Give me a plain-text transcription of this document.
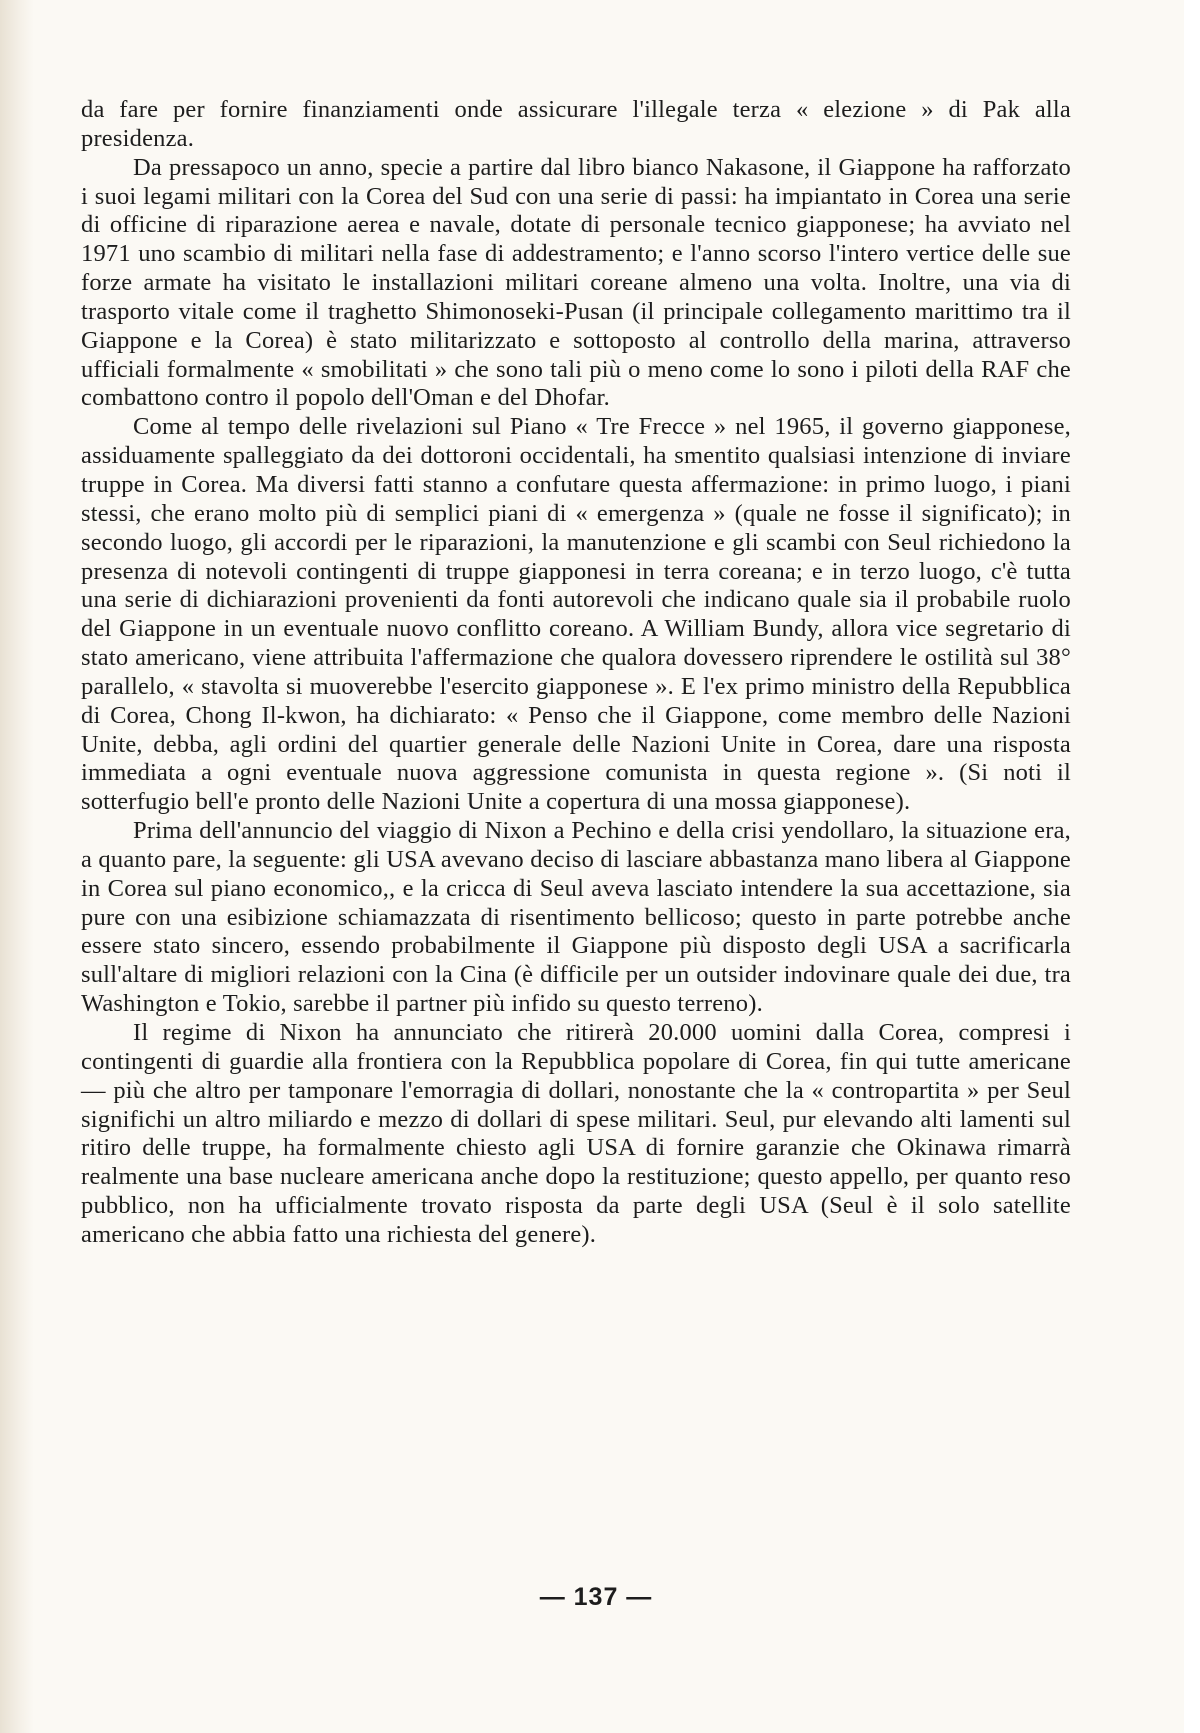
da fare per fornire finanziamenti onde assicurare l'illegale terza « elezione » di Pak alla presidenza.

Da pressapoco un anno, specie a partire dal libro bianco Nakasone, il Giappone ha rafforzato i suoi legami militari con la Corea del Sud con una serie di passi: ha impiantato in Corea una serie di officine di riparazione aerea e navale, dotate di personale tecnico giapponese; ha avviato nel 1971 uno scambio di militari nella fase di addestramento; e l'anno scorso l'intero vertice delle sue forze armate ha visitato le installazioni militari coreane almeno una volta. Inoltre, una via di trasporto vitale come il traghetto Shimonoseki-Pusan (il principale collegamento marittimo tra il Giappone e la Corea) è stato militarizzato e sottoposto al controllo della marina, attraverso ufficiali formalmente « smobilitati » che sono tali più o meno come lo sono i piloti della RAF che combattono contro il popolo dell'Oman e del Dhofar.

Come al tempo delle rivelazioni sul Piano « Tre Frecce » nel 1965, il governo giapponese, assiduamente spalleggiato da dei dottoroni occidentali, ha smentito qualsiasi intenzione di inviare truppe in Corea. Ma diversi fatti stanno a confutare questa affermazione: in primo luogo, i piani stessi, che erano molto più di semplici piani di « emergenza » (quale ne fosse il significato); in secondo luogo, gli accordi per le riparazioni, la manutenzione e gli scambi con Seul richiedono la presenza di notevoli contingenti di truppe giapponesi in terra coreana; e in terzo luogo, c'è tutta una serie di dichiarazioni provenienti da fonti autorevoli che indicano quale sia il probabile ruolo del Giappone in un eventuale nuovo conflitto coreano. A William Bundy, allora vice segretario di stato americano, viene attribuita l'affermazione che qualora dovessero riprendere le ostilità sul 38° parallelo, « stavolta si muoverebbe l'esercito giapponese ». E l'ex primo ministro della Repubblica di Corea, Chong Il-kwon, ha dichiarato: « Penso che il Giappone, come membro delle Nazioni Unite, debba, agli ordini del quartier generale delle Nazioni Unite in Corea, dare una risposta immediata a ogni eventuale nuova aggressione comunista in questa regione ». (Si noti il sotterfugio bell'e pronto delle Nazioni Unite a copertura di una mossa giapponese).

Prima dell'annuncio del viaggio di Nixon a Pechino e della crisi yendollaro, la situazione era, a quanto pare, la seguente: gli USA avevano deciso di lasciare abbastanza mano libera al Giappone in Corea sul piano economico,, e la cricca di Seul aveva lasciato intendere la sua accettazione, sia pure con una esibizione schiamazzata di risentimento bellicoso; questo in parte potrebbe anche essere stato sincero, essendo probabilmente il Giappone più disposto degli USA a sacrificarla sull'altare di migliori relazioni con la Cina (è difficile per un outsider indovinare quale dei due, tra Washington e Tokio, sarebbe il partner più infido su questo terreno).

Il regime di Nixon ha annunciato che ritirerà 20.000 uomini dalla Corea, compresi i contingenti di guardie alla frontiera con la Repubblica popolare di Corea, fin qui tutte americane — più che altro per tamponare l'emorragia di dollari, nonostante che la « contropartita » per Seul significhi un altro miliardo e mezzo di dollari di spese militari. Seul, pur elevando alti lamenti sul ritiro delle truppe, ha formalmente chiesto agli USA di fornire garanzie che Okinawa rimarrà realmente una base nucleare americana anche dopo la restituzione; questo appello, per quanto reso pubblico, non ha ufficialmente trovato risposta da parte degli USA (Seul è il solo satellite americano che abbia fatto una richiesta del genere).

— 137 —
